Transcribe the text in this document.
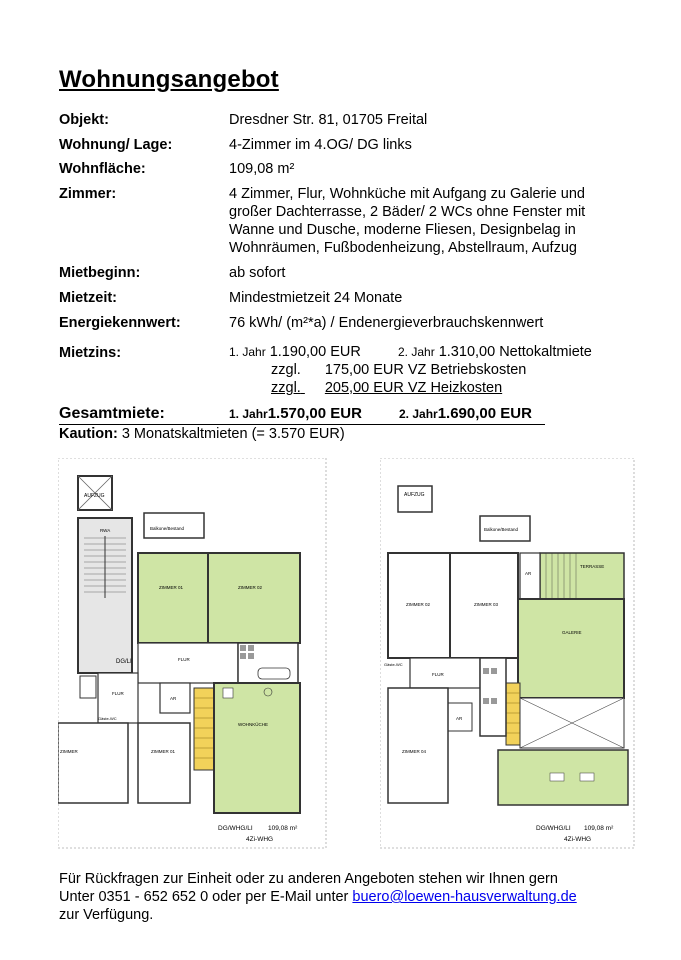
Wohnungsangebot
Objekt:	Dresdner Str. 81, 01705 Freital
Wohnung/ Lage:	4-Zimmer im 4.OG/ DG links
Wohnfläche:	109,08 m²
Zimmer:	4 Zimmer, Flur, Wohnküche mit Aufgang zu Galerie und großer Dachterrasse, 2 Bäder/ 2 WCs ohne Fenster mit Wanne und Dusche, moderne Fliesen, Designbelag in Wohnräumen, Fußbodenheizung, Abstellraum, Aufzug
Mietbeginn:	ab sofort
Mietzeit:	Mindestmietzeit 24 Monate
Energiekennwert:	76 kWh/ (m²*a) / Endenergieverbrauchskennwert
Mietzins:	1. Jahr 1.190,00 EUR	2. Jahr 1.310,00 Nettokaltmiete
zzgl. 175,00 EUR VZ Betriebskosten
zzgl. 205,00 EUR VZ Heizkosten
Gesamtmiete:	1. Jahr 1.570,00 EUR	2. Jahr 1.690,00 EUR
Kaution: 3 Monatskaltmieten (= 3.570 EUR)
AUFZUG
Balkone/Bestand
RWA
DG/LI
ZIMMER 01	ZIMMER 02
FLUR
WOHNKÜCHE
FLUR
Gäste-WC
AR
ZIMMER 01
ZIMMER
DG/WHG/LI 109,08 m²
4Zi-WHG
AUFZUG
Balkone/Bestand
TERRASSE
AR
ZIMMER 02	ZIMMER 03
GALERIE
FLUR
Gäste-WC
AR
ZIMMER 04
DG/WHG/LI 109,08 m²
4Zi-WHG
Für Rückfragen zur Einheit oder zu anderen Angeboten stehen wir Ihnen gern
Unter 0351 - 652 652 0 oder per E-Mail unter buero@loewen-hausverwaltung.de
zur Verfügung.
